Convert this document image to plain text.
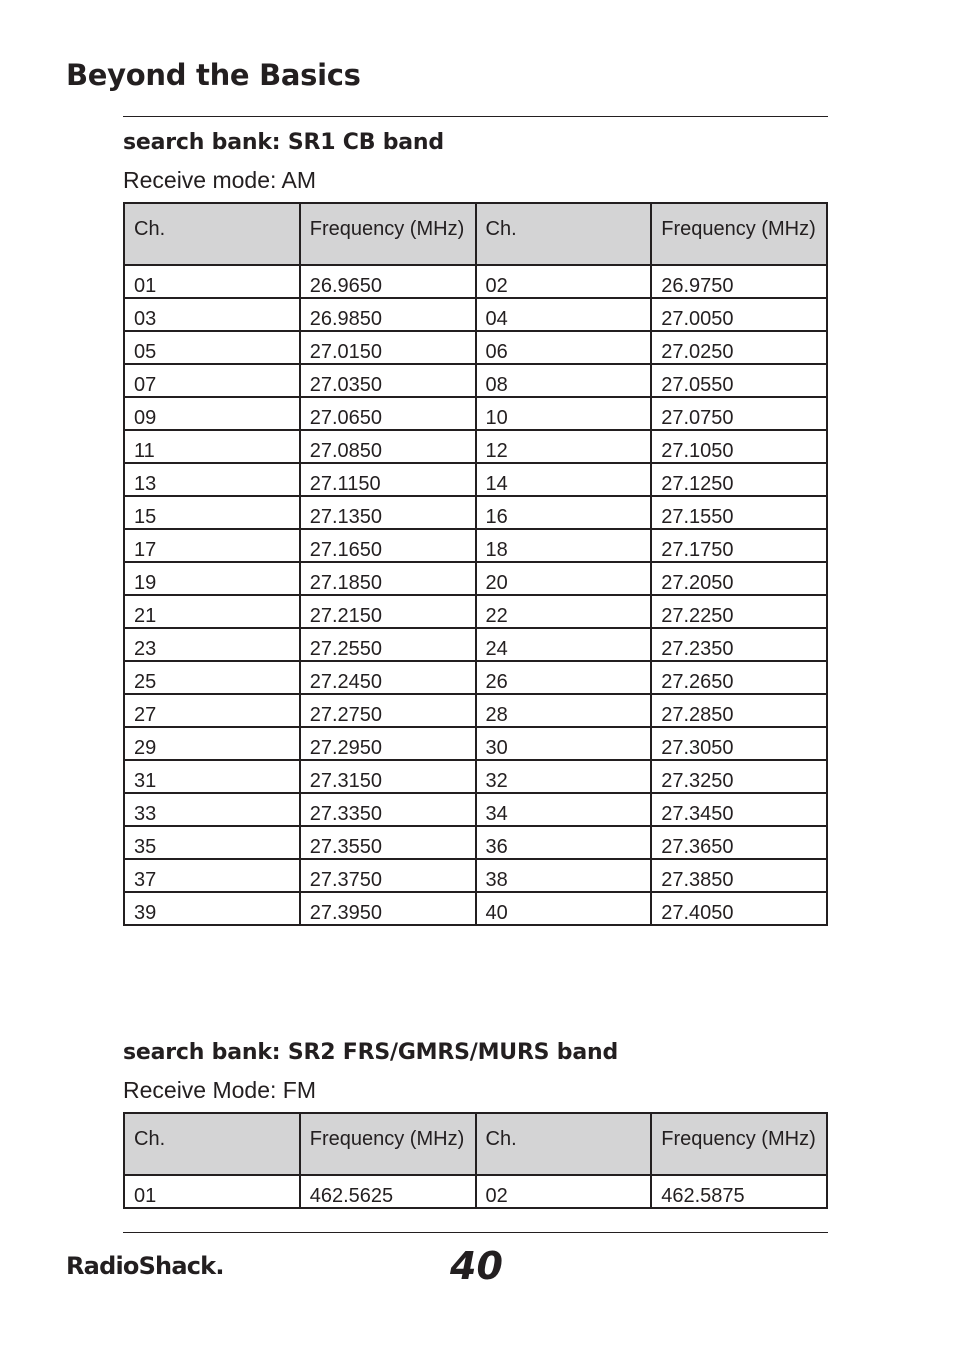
Beyond the Basics
search bank: SR1 CB band

Receive mode: AM

Ch.	Frequency (MHz)	Ch.	Frequency (MHz)
01	26.9650	02	26.9750
03	26.9850	04	27.0050
05	27.0150	06	27.0250
07	27.0350	08	27.0550
09	27.0650	10	27.0750
11	27.0850	12	27.1050
13	27.1150	14	27.1250
15	27.1350	16	27.1550
17	27.1650	18	27.1750
19	27.1850	20	27.2050
21	27.2150	22	27.2250
23	27.2550	24	27.2350
25	27.2450	26	27.2650
27	27.2750	28	27.2850
29	27.2950	30	27.3050
31	27.3150	32	27.3250
33	27.3350	34	27.3450
35	27.3550	36	27.3650
37	27.3750	38	27.3850
39	27.3950	40	27.4050
search bank: SR2 FRS/GMRS/MURS band

Receive Mode: FM

Ch.	Frequency (MHz)	Ch.	Frequency (MHz)
01	462.5625	02	462.5875
RadioShack.	40
